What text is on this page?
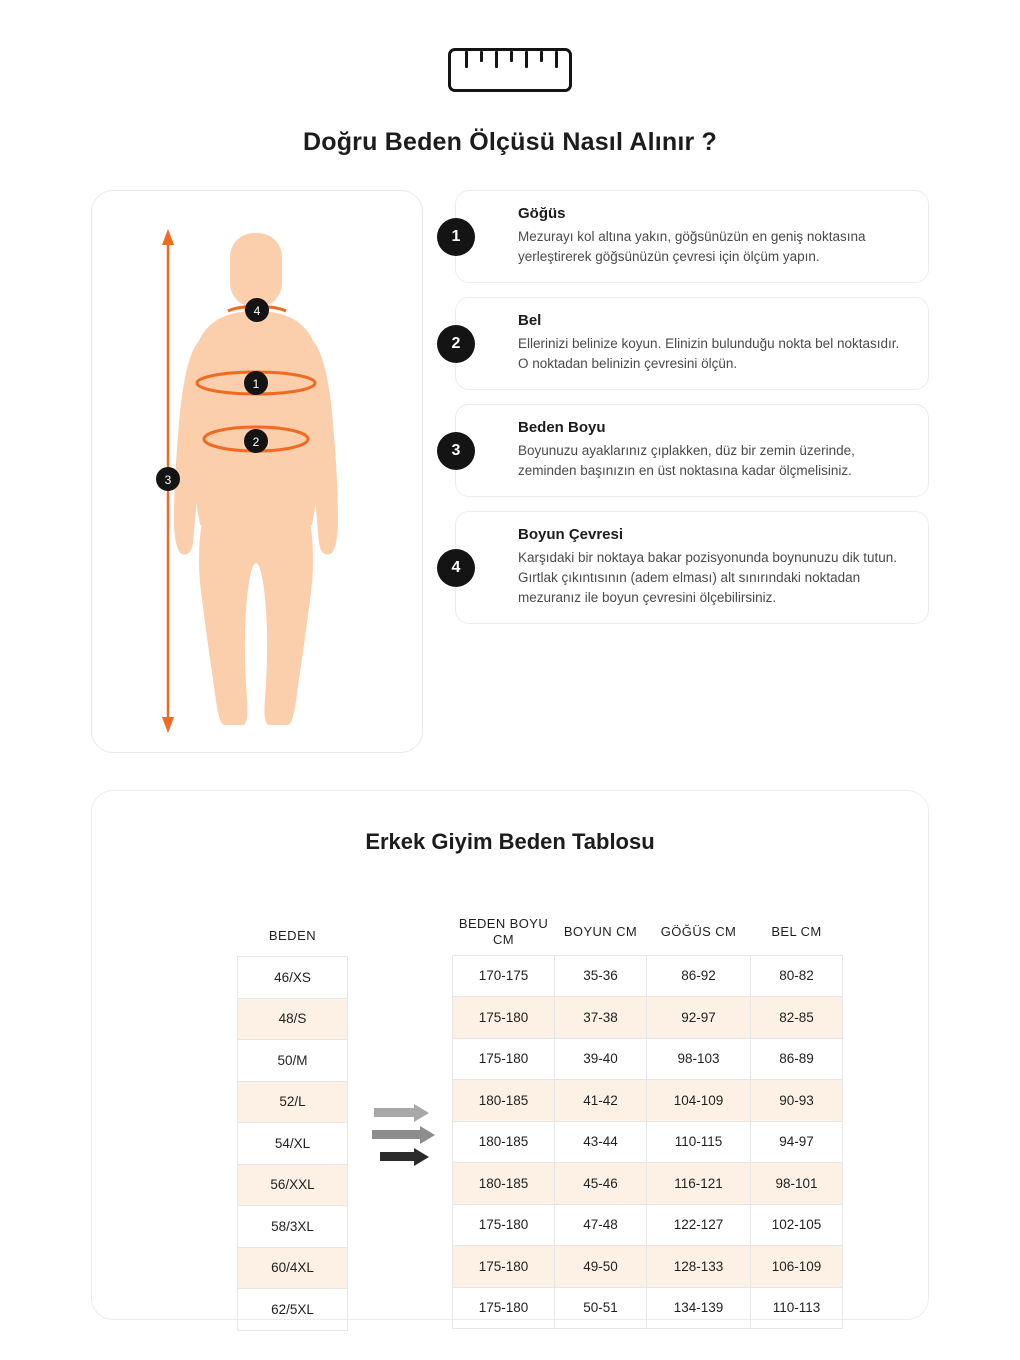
Doğru Beden Ölçüsü Nasıl Alınır ?
1
2
3
4
1
Göğüs

Mezurayı kol altına yakın, göğsünüzün en geniş noktasına yerleştirerek göğsünüzün çevresi için ölçüm yapın.

2
Bel

Ellerinizi belinize koyun. Elinizin bulunduğu nokta bel noktasıdır. O noktadan belinizin çevresini ölçün.

3
Beden Boyu

Boyunuzu ayaklarınız çıplakken, düz bir zemin üzerinde, zeminden başınızın en üst noktasına kadar ölçmelisiniz.

4
Boyun Çevresi

Karşıdaki bir noktaya bakar pozisyonunda boynunuzu dik tutun. Gırtlak çıkıntısının (adem elması) alt sınırındaki noktadan mezuranız ile boyun çevresini ölçebilirsiniz.

Erkek Giyim Beden Tablosu
BEDEN
46/XS
48/S
50/M
52/L
54/XL
56/XXL
58/3XL
60/4XL
62/5XL
BEDEN BOYU CM	BOYUN CM	GÖĞÜS CM	BEL CM
170-175	35-36	86-92	80-82
175-180	37-38	92-97	82-85
175-180	39-40	98-103	86-89
180-185	41-42	104-109	90-93
180-185	43-44	110-115	94-97
180-185	45-46	116-121	98-101
175-180	47-48	122-127	102-105
175-180	49-50	128-133	106-109
175-180	50-51	134-139	110-113
